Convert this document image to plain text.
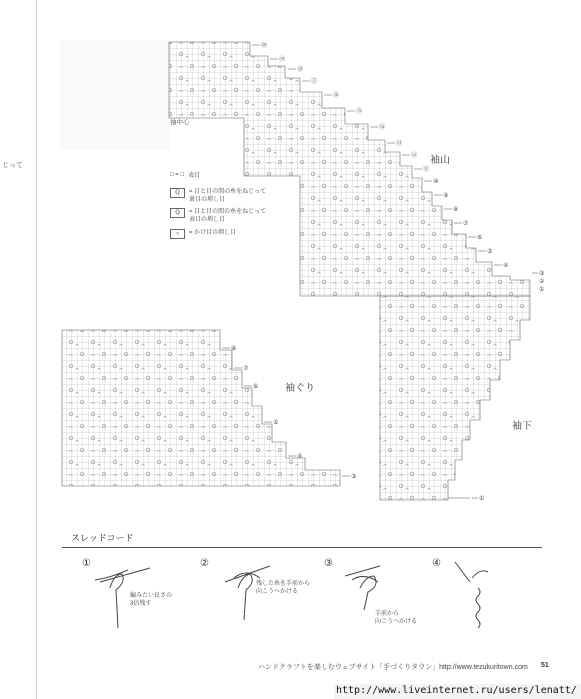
じって
⑳
⑲
⑱
⑰
⑯
⑮
⑭
⑬
⑫
⑪
⑩
⑨
⑧
⑦
⑥
⑤
④
③
②
①
⑧
⑦
⑥
⑤
④
③
①
袖中心
袖山
袖ぐり
袖下
□ = □ 表目
ℚ	= 目と目の間の糸をねじって
裏目の増し目
ℚ	= 目と目の間の糸をねじって
表目の増し目
○	= かけ目の増し目
スレッドコード
①	②	③	④
編みたい長さの
3倍残す
残した糸を手前から
向こうへかける
手前から
向こうへかける
ハンドクラフトを楽しむウェブサイト「手づくりタウン」http://www.tezukuritown.com 51
http://www.liveinternet.ru/users/lenatt/
